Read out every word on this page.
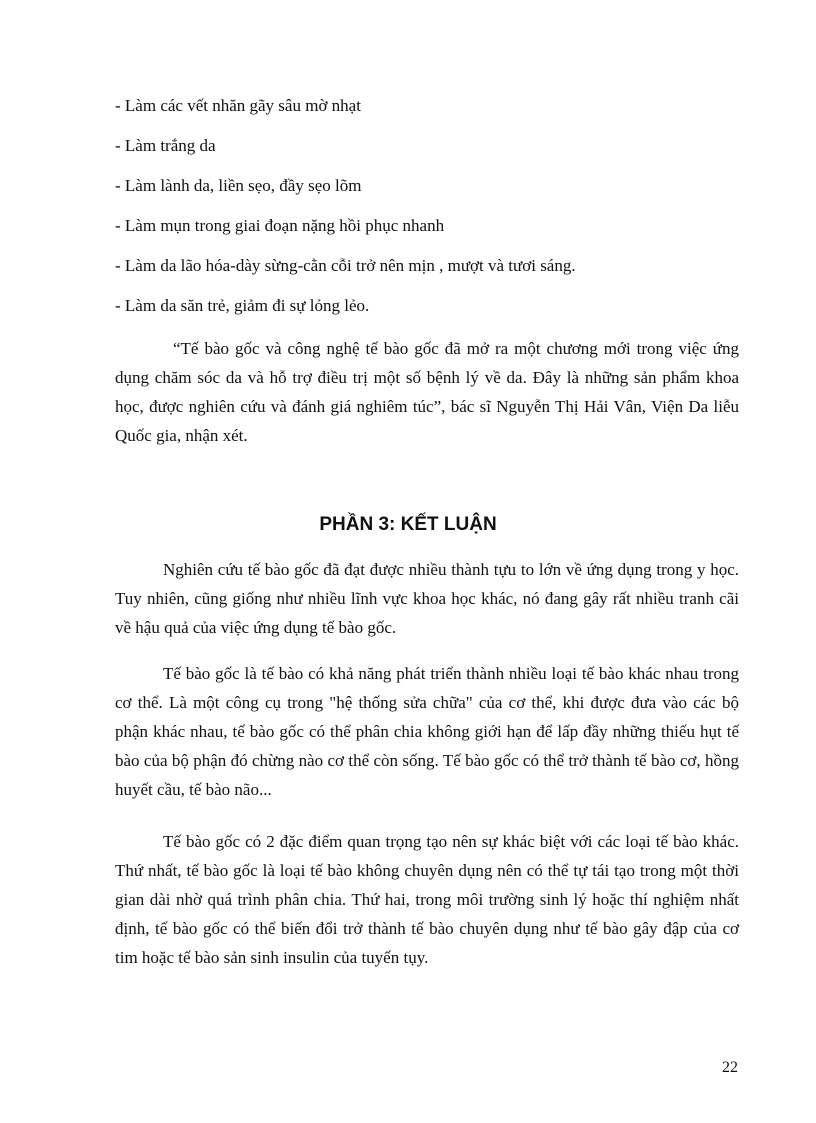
- Làm các vết nhăn gãy sâu mờ nhạt
- Làm trắng da
- Làm lành da, liền sẹo, đầy sẹo lõm
- Làm mụn trong giai đoạn nặng hồi phục nhanh
- Làm da lão hóa-dày sừng-cằn cỗi trở nên mịn , mượt và tươi sáng.
- Làm da săn trẻ, giảm đi sự lỏng lẻo.

“Tế bào gốc và công nghệ tế bào gốc đã mở ra một chương mới trong việc ứng dụng chăm sóc da và hỗ trợ điều trị một số bệnh lý về da. Đây là những sản phẩm khoa học, được nghiên cứu và đánh giá nghiêm túc”, bác sĩ Nguyễn Thị Hải Vân, Viện Da liễu Quốc gia, nhận xét.

PHẦN 3: KẾT LUẬN

Nghiên cứu tế bào gốc đã đạt được nhiều thành tựu to lớn về ứng dụng trong y học. Tuy nhiên, cũng giống như nhiều lĩnh vực khoa học khác, nó đang gây rất nhiều tranh cãi về hậu quả của việc ứng dụng tế bào gốc.

Tế bào gốc là tế bào có khả năng phát triển thành nhiều loại tế bào khác nhau trong cơ thể. Là một công cụ trong "hệ thống sửa chữa" của cơ thể, khi được đưa vào các bộ phận khác nhau, tế bào gốc có thể phân chia không giới hạn để lấp đầy những thiếu hụt tế bào của bộ phận đó chừng nào cơ thể còn sống. Tế bào gốc có thể trở thành tế bào cơ, hồng huyết cầu, tế bào não...

Tế bào gốc có 2 đặc điểm quan trọng tạo nên sự khác biệt với các loại tế bào khác. Thứ nhất, tế bào gốc là loại tế bào không chuyên dụng nên có thể tự tái tạo trong một thời gian dài nhờ quá trình phân chia. Thứ hai, trong môi trường sinh lý hoặc thí nghiệm nhất định, tế bào gốc có thể biến đổi trở thành tế bào chuyên dụng như tế bào gây đập của cơ tim hoặc tế bào sản sinh insulin của tuyến tụy.

22
